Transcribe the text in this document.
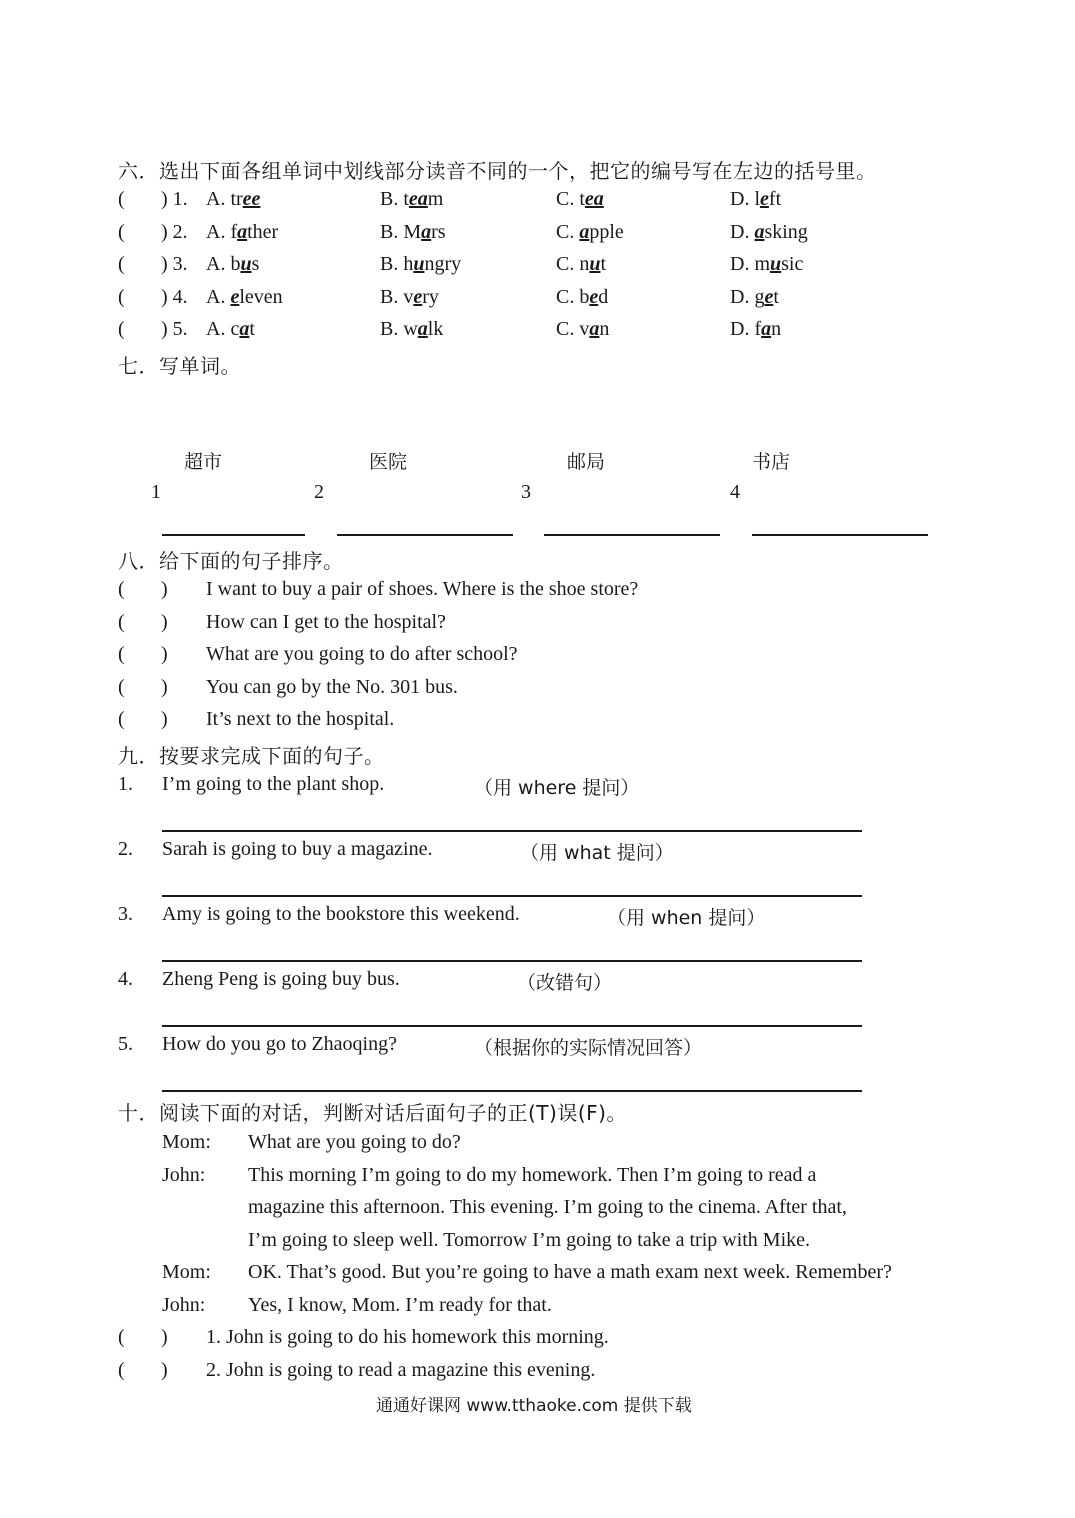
六．选出下面各组单词中划线部分读音不同的一个，把它的编号写在左边的括号里。
( ) 1. A. tree	B. team	C. tea	D. left
( ) 2. A. father	B. Mars	C. apple	D. asking
( ) 3. A. bus	B. hungry	C. nut	D. music
( ) 4. A. eleven	B. very	C. bed	D. get
( ) 5. A. cat	B. walk	C. van	D. fan
七．写单词。
超市	医院	邮局	书店
1	2	3	4
八．给下面的句子排序。
( ) I want to buy a pair of shoes. Where is the shoe store?
( ) How can I get to the hospital?
( ) What are you going to do after school?
( ) You can go by the No. 301 bus.
( ) It’s next to the hospital.
九．按要求完成下面的句子。
1. I’m going to the plant shop.	（用 where 提问）
2. Sarah is going to buy a magazine.	（用 what 提问）
3. Amy is going to the bookstore this weekend.	（用 when 提问）
4. Zheng Peng is going buy bus.	（改错句）
5. How do you go to Zhaoqing?	（根据你的实际情况回答）
十．阅读下面的对话，判断对话后面句子的正(T)误(F)。
Mom: What are you going to do?
John: This morning I’m going to do my homework. Then I’m going to read a
magazine this afternoon. This evening. I’m going to the cinema. After that,
I’m going to sleep well. Tomorrow I’m going to take a trip with Mike.
Mom: OK. That’s good. But you’re going to have a math exam next week. Remember?
John: Yes, I know, Mom. I’m ready for that.
( ) 1. John is going to do his homework this morning.
( ) 2. John is going to read a magazine this evening.
通通好课网 www.tthaoke.com 提供下载
